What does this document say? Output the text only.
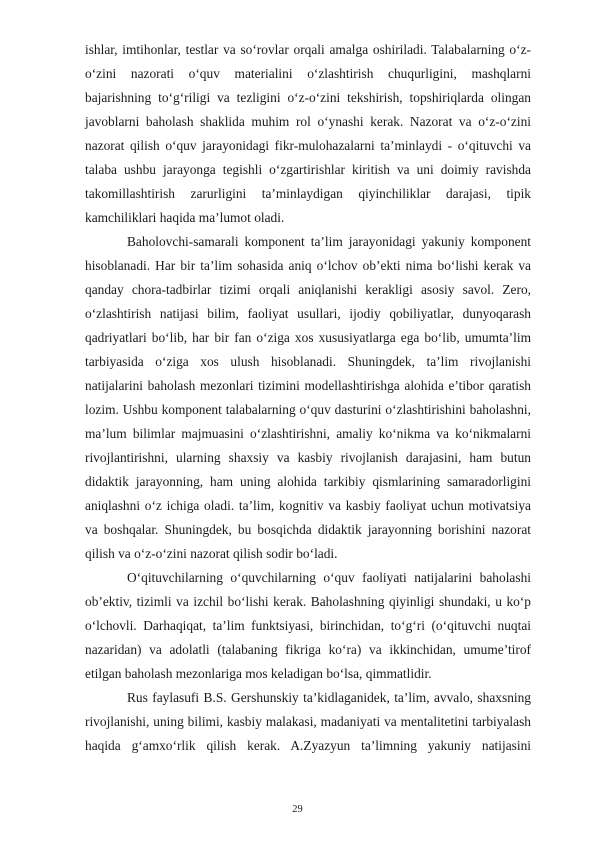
ishlar, imtihonlar, testlar va so‘rovlar orqali amalga oshiriladi. Talabalarning o‘z-
o‘zini nazorati o‘quv materialini o‘zlashtirish chuqurligini, mashqlarni
bajarishning to‘g‘riligi va tezligini o‘z-o‘zini tekshirish, topshiriqlarda olingan
javoblarni baholash shaklida muhim rol o‘ynashi kerak. Nazorat va o‘z-o‘zini
nazorat qilish o‘quv jarayonidagi fikr-mulohazalarni ta’minlaydi - o‘qituvchi va
talaba ushbu jarayonga tegishli o‘zgartirishlar kiritish va uni doimiy ravishda
takomillashtirish zarurligini ta’minlaydigan qiyinchiliklar darajasi, tipik
kamchiliklari haqida ma’lumot oladi.
Baholovchi-samarali komponent ta’lim jarayonidagi yakuniy komponent
hisoblanadi. Har bir ta’lim sohasida aniq o‘lchov ob’ekti nima bo‘lishi kerak va
qanday chora-tadbirlar tizimi orqali aniqlanishi kerakligi asosiy savol. Zero,
o‘zlashtirish natijasi bilim, faoliyat usullari, ijodiy qobiliyatlar, dunyoqarash
qadriyatlari bo‘lib, har bir fan o‘ziga xos xususiyatlarga ega bo‘lib, umumta’lim
tarbiyasida o‘ziga xos ulush hisoblanadi. Shuningdek, ta’lim rivojlanishi
natijalarini baholash mezonlari tizimini modellashtirishga alohida e’tibor qaratish
lozim. Ushbu komponent talabalarning o‘quv dasturini o‘zlashtirishini baholashni,
ma’lum bilimlar majmuasini o‘zlashtirishni, amaliy ko‘nikma va ko‘nikmalarni
rivojlantirishni, ularning shaxsiy va kasbiy rivojlanish darajasini, ham butun
didaktik jarayonning, ham uning alohida tarkibiy qismlarining samaradorligini
aniqlashni o‘z ichiga oladi. ta’lim, kognitiv va kasbiy faoliyat uchun motivatsiya
va boshqalar. Shuningdek, bu bosqichda didaktik jarayonning borishini nazorat
qilish va o‘z-o‘zini nazorat qilish sodir bo‘ladi.
O‘qituvchilarning o‘quvchilarning o‘quv faoliyati natijalarini baholashi
ob’ektiv, tizimli va izchil bo‘lishi kerak. Baholashning qiyinligi shundaki, u ko‘p
o‘lchovli. Darhaqiqat, ta’lim funktsiyasi, birinchidan, to‘g‘ri (o‘qituvchi nuqtai
nazaridan) va adolatli (talabaning fikriga ko‘ra) va ikkinchidan, umume’tirof
etilgan baholash mezonlariga mos keladigan bo‘lsa, qimmatlidir.
Rus faylasufi B.S. Gershunskiy ta’kidlaganidek, ta’lim, avvalo, shaxsning
rivojlanishi, uning bilimi, kasbiy malakasi, madaniyati va mentalitetini tarbiyalash
haqida g‘amxo‘rlik qilish kerak. A.Zyazyun ta’limning yakuniy natijasini
29
